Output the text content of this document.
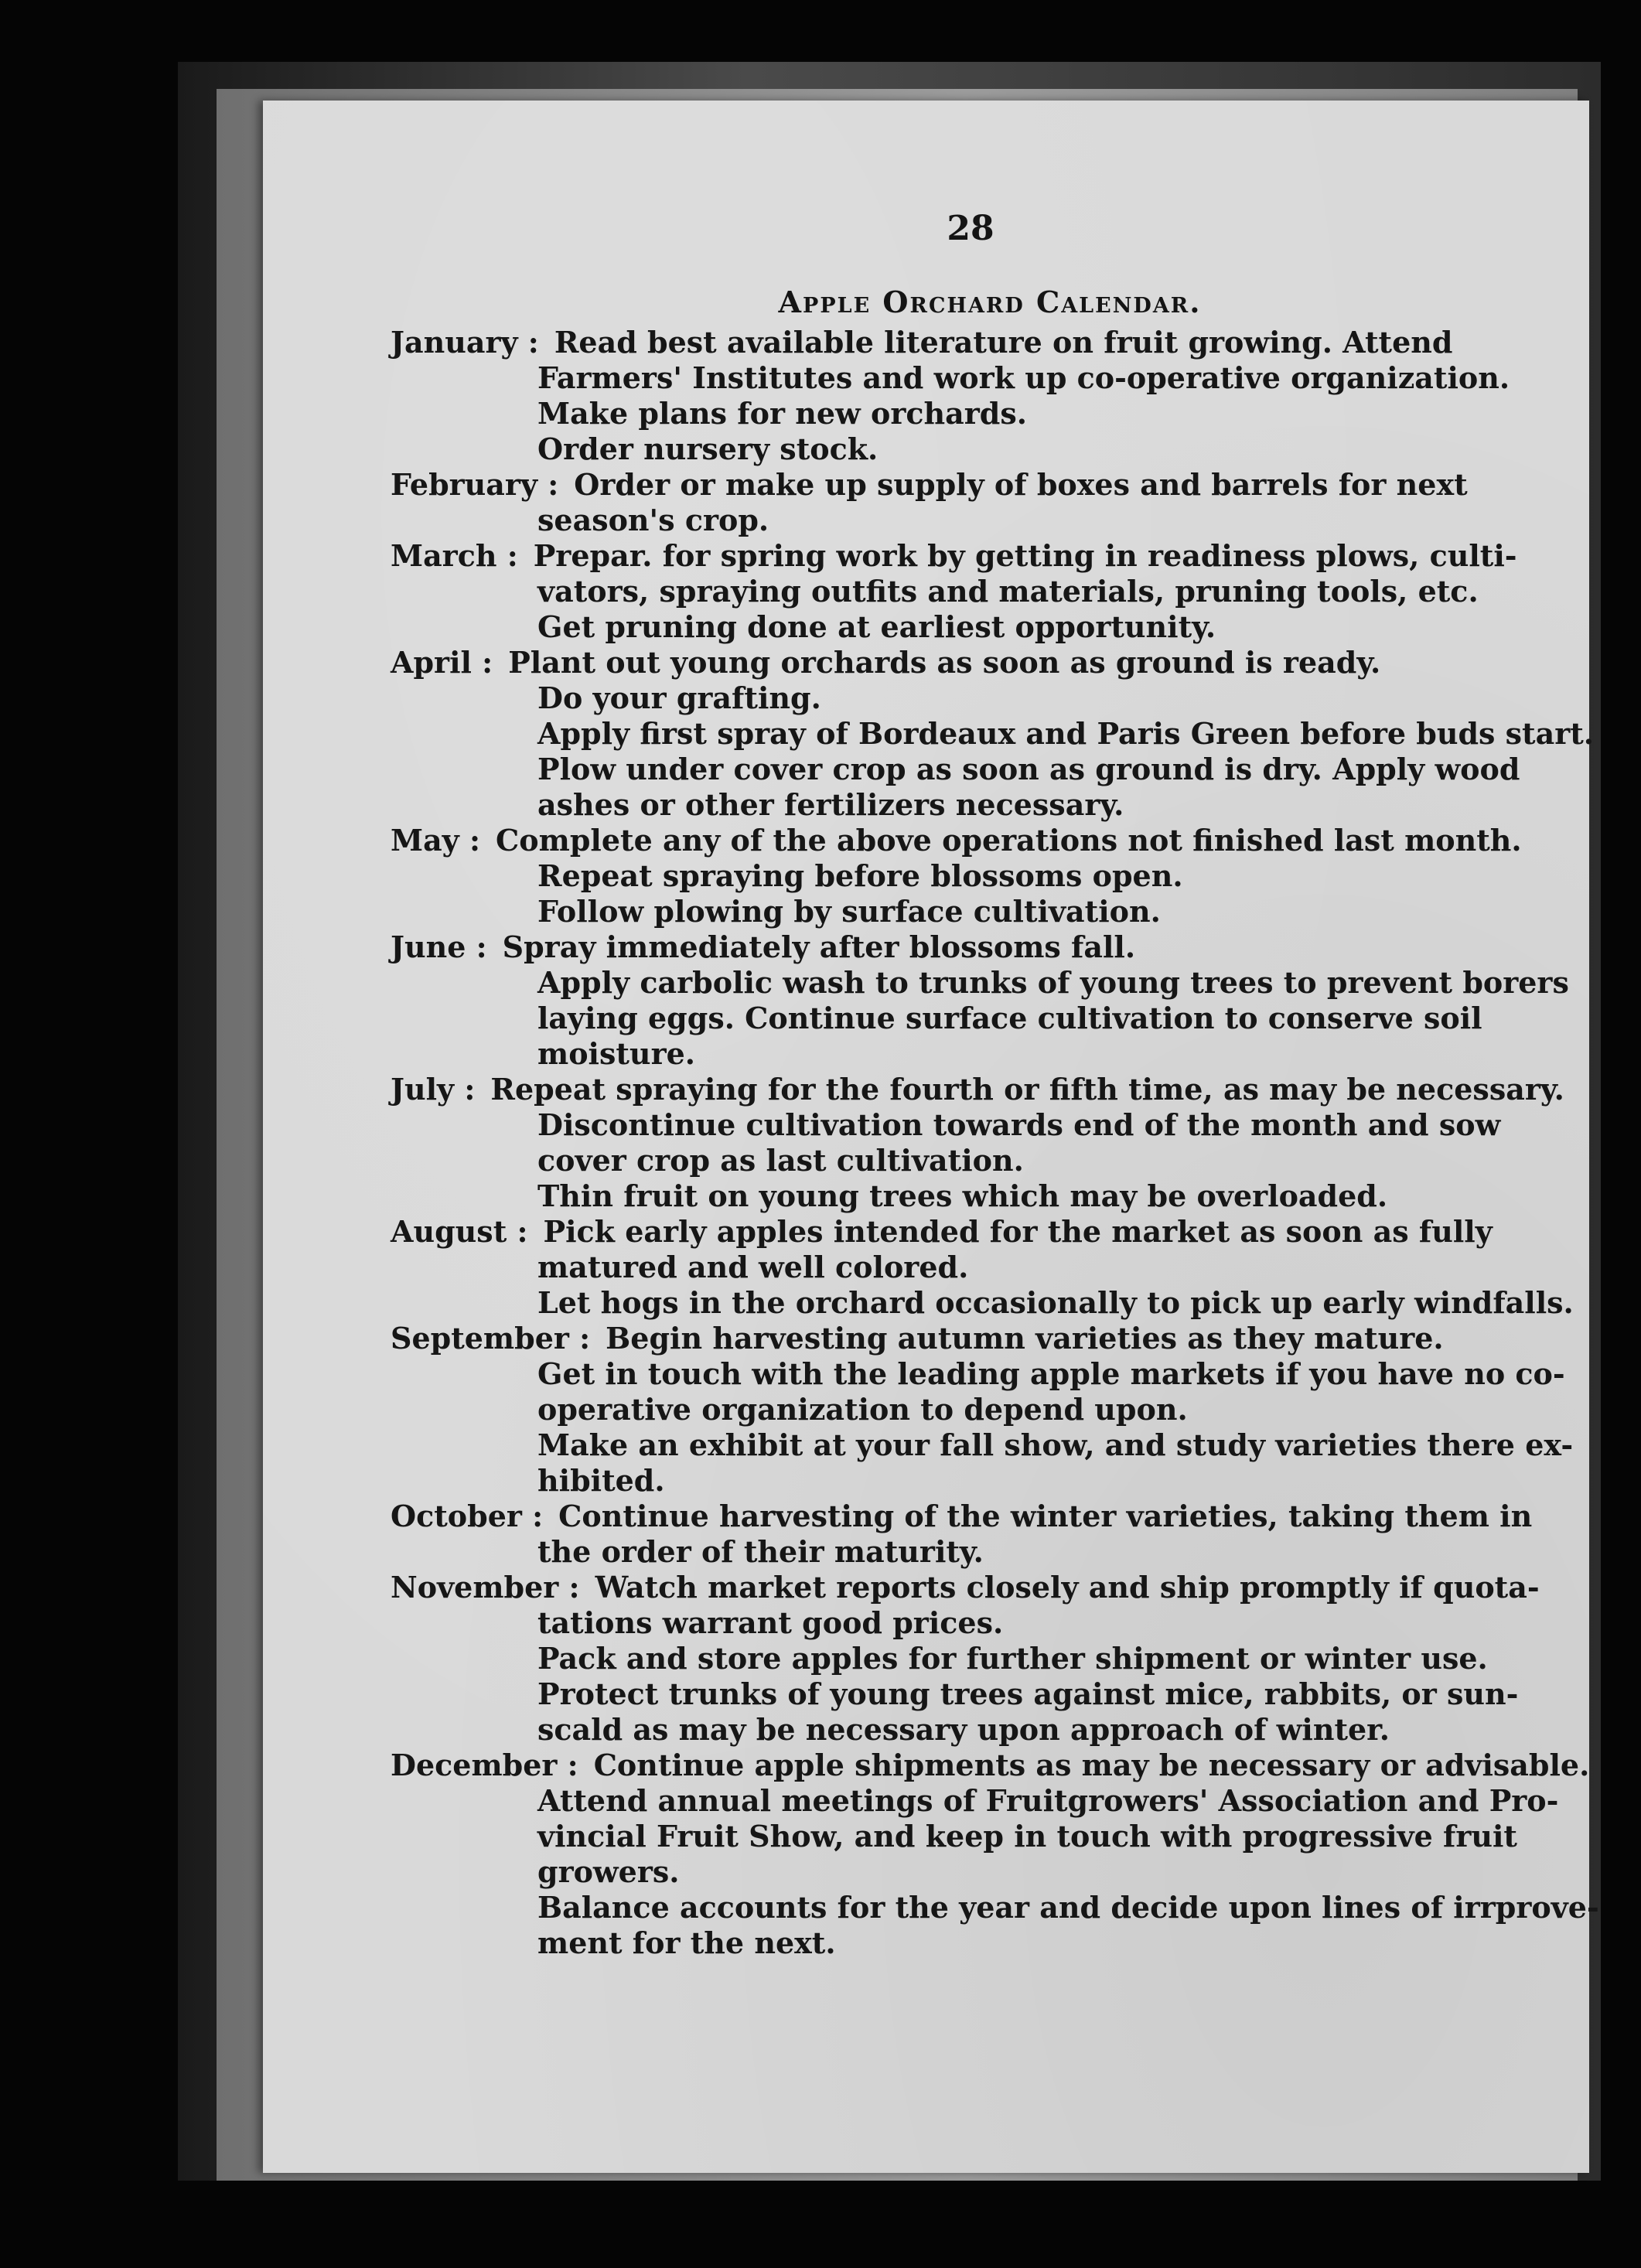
28
Apple Orchard Calendar.
January : Read best available literature on fruit growing. Attend
Farmers' Institutes and work up co-operative organization.
Make plans for new orchards.
Order nursery stock.
February : Order or make up supply of boxes and barrels for next
season's crop.
March : Prepar. for spring work by getting in readiness plows, culti-
vators, spraying outfits and materials, pruning tools, etc.
Get pruning done at earliest opportunity.
April : Plant out young orchards as soon as ground is ready.
Do your grafting.
Apply first spray of Bordeaux and Paris Green before buds start.
Plow under cover crop as soon as ground is dry. Apply wood
ashes or other fertilizers necessary.
May : Complete any of the above operations not finished last month.
Repeat spraying before blossoms open.
Follow plowing by surface cultivation.
June : Spray immediately after blossoms fall.
Apply carbolic wash to trunks of young trees to prevent borers
laying eggs. Continue surface cultivation to conserve soil
moisture.
July : Repeat spraying for the fourth or fifth time, as may be necessary.
Discontinue cultivation towards end of the month and sow
cover crop as last cultivation.
Thin fruit on young trees which may be overloaded.
August : Pick early apples intended for the market as soon as fully
matured and well colored.
Let hogs in the orchard occasionally to pick up early windfalls.
September : Begin harvesting autumn varieties as they mature.
Get in touch with the leading apple markets if you have no co-
operative organization to depend upon.
Make an exhibit at your fall show, and study varieties there ex-
hibited.
October : Continue harvesting of the winter varieties, taking them in
the order of their maturity.
November : Watch market reports closely and ship promptly if quota-
tations warrant good prices.
Pack and store apples for further shipment or winter use.
Protect trunks of young trees against mice, rabbits, or sun-
scald as may be necessary upon approach of winter.
December : Continue apple shipments as may be necessary or advisable.
Attend annual meetings of Fruitgrowers' Association and Pro-
vincial Fruit Show, and keep in touch with progressive fruit
growers.
Balance accounts for the year and decide upon lines of irrprove-
ment for the next.
